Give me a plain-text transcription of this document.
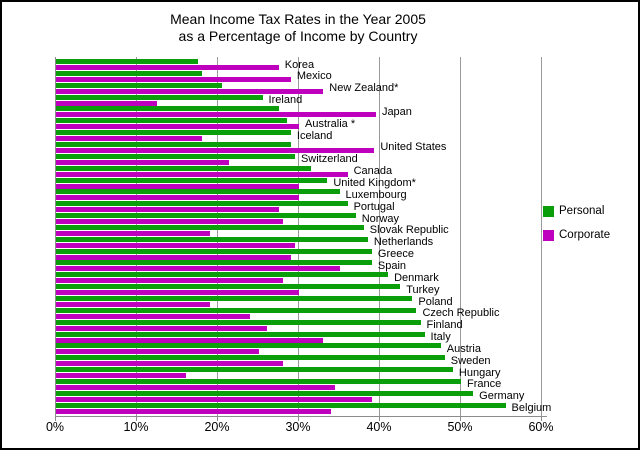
0%	10%	20%	30%	40%	50%	60%
Korea
Mexico
New Zealand*
Ireland
Japan
Australia *
Iceland
United States
Switzerland
Canada
United Kingdom*
Luxembourg
Portugal
Norway
Slovak Republic
Netherlands
Greece
Spain
Denmark
Turkey
Poland
Czech Republic
Finland
Italy
Austria
Sweden
Hungary
France
Germany
Belgium
Mean Income Tax Rates in the Year 2005
as a Percentage of Income by Country
Personal
Corporate
